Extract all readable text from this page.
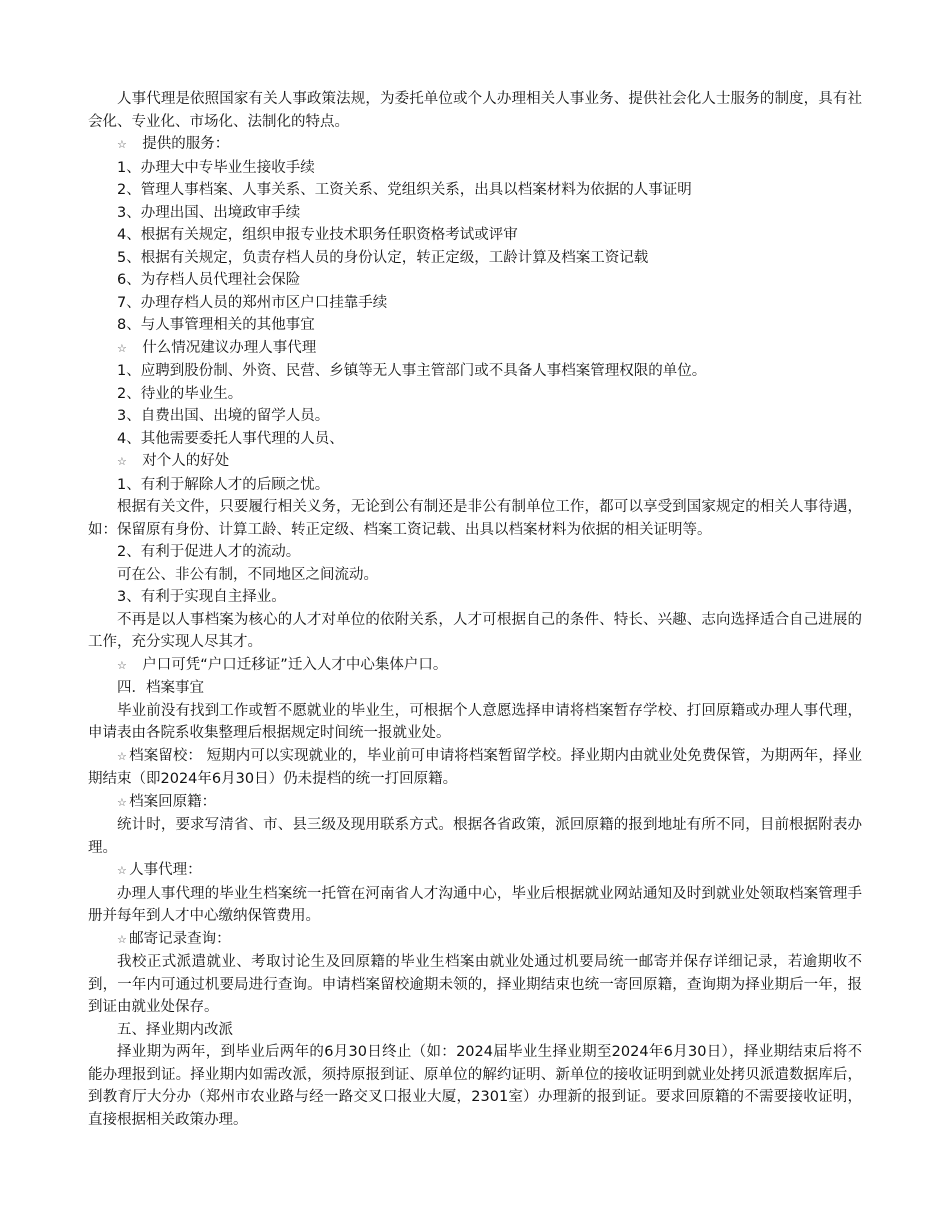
人事代理是依照国家有关人事政策法规，为委托单位或个人办理相关人事业务、提供社会化人士服务的制度，具有社会化、专业化、市场化、法制化的特点。

☆ 提供的服务：

1、办理大中专毕业生接收手续

2、管理人事档案、人事关系、工资关系、党组织关系，出具以档案材料为依据的人事证明

3、办理出国、出境政审手续

4、根据有关规定，组织申报专业技术职务任职资格考试或评审

5、根据有关规定，负责存档人员的身份认定，转正定级，工龄计算及档案工资记载

6、为存档人员代理社会保险

7、办理存档人员的郑州市区户口挂靠手续

8、与人事管理相关的其他事宜

☆ 什么情况建议办理人事代理

1、应聘到股份制、外资、民营、乡镇等无人事主管部门或不具备人事档案管理权限的单位。

2、待业的毕业生。

3、自费出国、出境的留学人员。

4、其他需要委托人事代理的人员、

☆ 对个人的好处

1、有利于解除人才的后顾之忧。

根据有关文件，只要履行相关义务，无论到公有制还是非公有制单位工作，都可以享受到国家规定的相关人事待遇，如：保留原有身份、计算工龄、转正定级、档案工资记载、出具以档案材料为依据的相关证明等。

2、有利于促进人才的流动。

可在公、非公有制，不同地区之间流动。

3、有利于实现自主择业。

不再是以人事档案为核心的人才对单位的依附关系，人才可根据自己的条件、特长、兴趣、志向选择适合自己进展的工作，充分实现人尽其才。

☆ 户口可凭“户口迁移证”迁入人才中心集体户口。

四．档案事宜

毕业前没有找到工作或暂不愿就业的毕业生，可根据个人意愿选择申请将档案暂存学校、打回原籍或办理人事代理，申请表由各院系收集整理后根据规定时间统一报就业处。

☆ 档案留校： 短期内可以实现就业的，毕业前可申请将档案暂留学校。择业期内由就业处免费保管，为期两年，择业期结束（即2024年6月30日）仍未提档的统一打回原籍。

☆ 档案回原籍：

统计时，要求写清省、市、县三级及现用联系方式。根据各省政策，派回原籍的报到地址有所不同，目前根据附表办理。

☆ 人事代理：

办理人事代理的毕业生档案统一托管在河南省人才沟通中心，毕业后根据就业网站通知及时到就业处领取档案管理手册并每年到人才中心缴纳保管费用。

☆ 邮寄记录查询：

我校正式派遣就业、考取讨论生及回原籍的毕业生档案由就业处通过机要局统一邮寄并保存详细记录，若逾期收不到，一年内可通过机要局进行查询。申请档案留校逾期未领的，择业期结束也统一寄回原籍，查询期为择业期后一年，报到证由就业处保存。

五、择业期内改派

择业期为两年，到毕业后两年的6月30日终止（如：2024届毕业生择业期至2024年6月30日），择业期结束后将不能办理报到证。择业期内如需改派，须持原报到证、原单位的解约证明、新单位的接收证明到就业处拷贝派遣数据库后，到教育厅大分办（郑州市农业路与经一路交叉口报业大厦，2301室）办理新的报到证。要求回原籍的不需要接收证明，直接根据相关政策办理。
